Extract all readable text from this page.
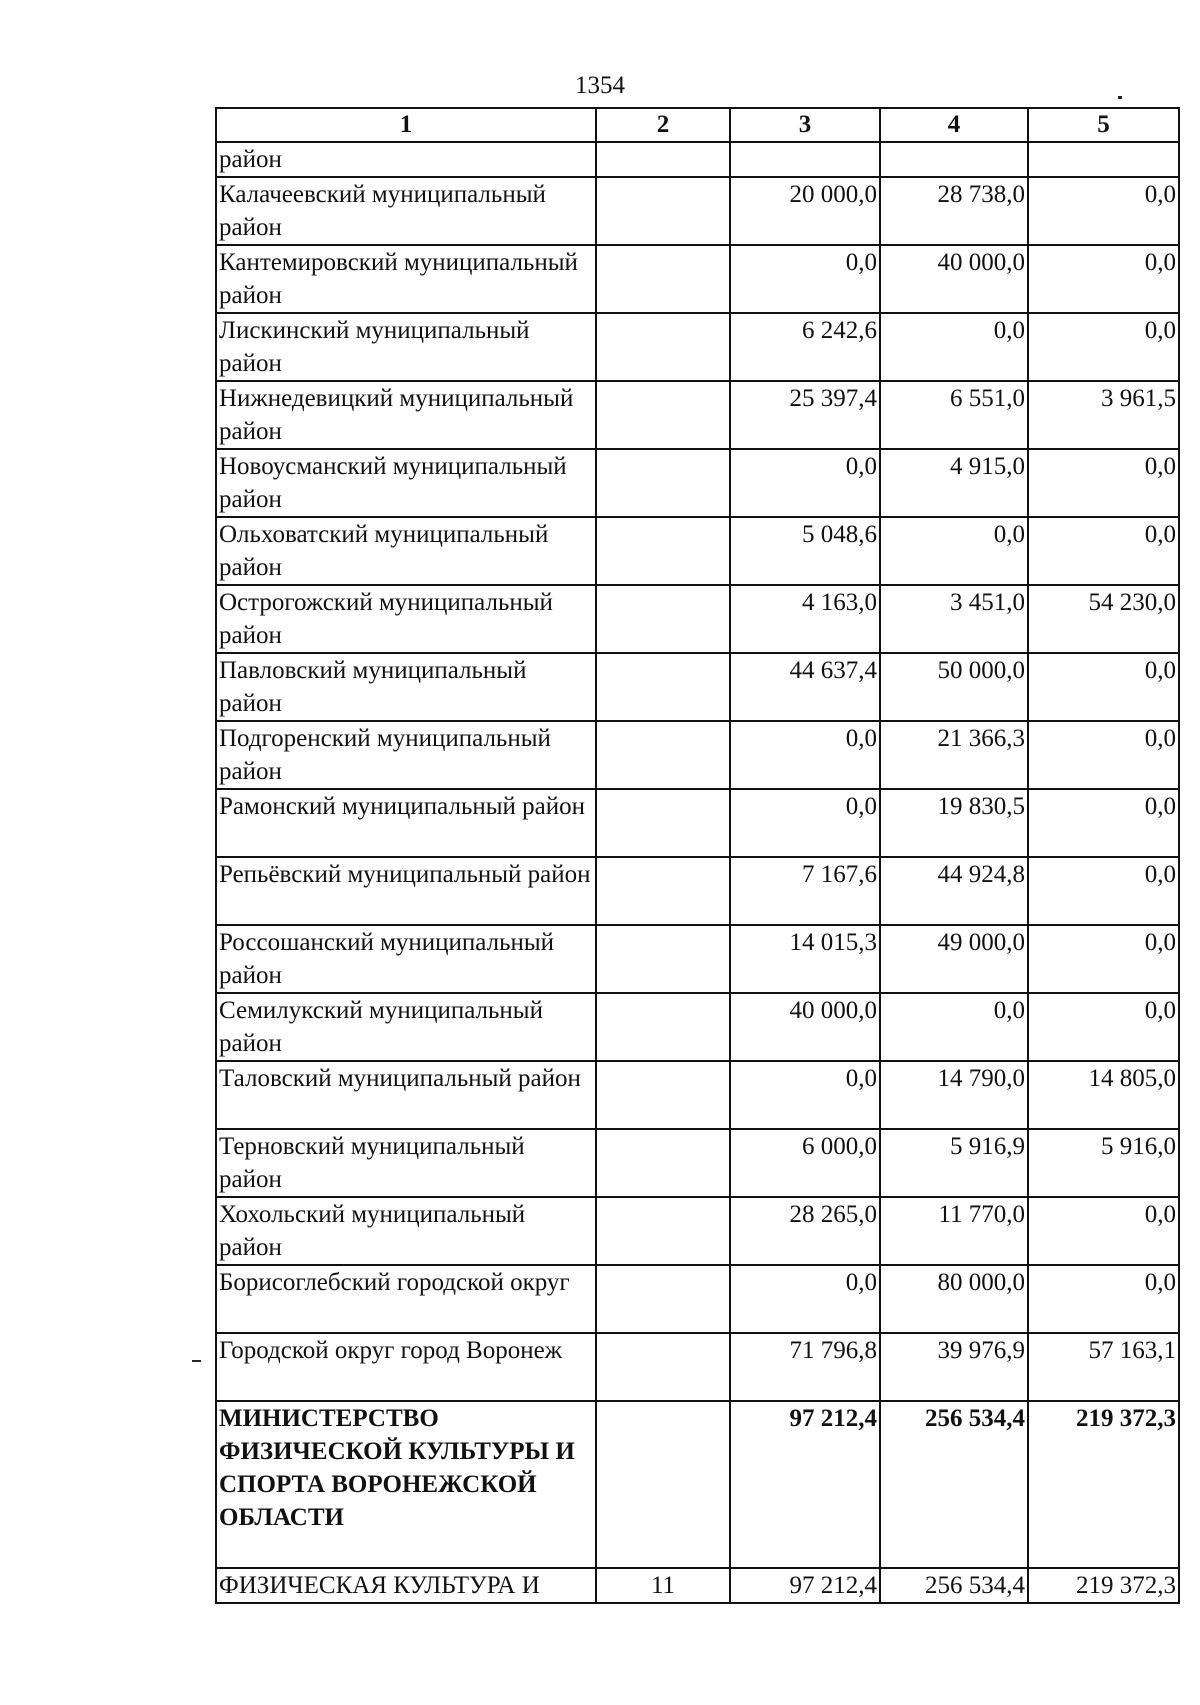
1354
1	2	3	4	5
район				
Калачеевский муниципальный район		20 000,0	28 738,0	0,0
Кантемировский муниципальный район		0,0	40 000,0	0,0
Лискинский муниципальный район		6 242,6	0,0	0,0
Нижнедевицкий муниципальный район		25 397,4	6 551,0	3 961,5
Новоусманский муниципальный район		0,0	4 915,0	0,0
Ольховатский муниципальный район		5 048,6	0,0	0,0
Острогожский муниципальный район		4 163,0	3 451,0	54 230,0
Павловский муниципальный район		44 637,4	50 000,0	0,0
Подгоренский муниципальный район		0,0	21 366,3	0,0
Рамонский муниципальный район		0,0	19 830,5	0,0
Репьёвский муниципальный район		7 167,6	44 924,8	0,0
Россошанский муниципальный район		14 015,3	49 000,0	0,0
Семилукский муниципальный район		40 000,0	0,0	0,0
Таловский муниципальный район		0,0	14 790,0	14 805,0
Терновский муниципальный район		6 000,0	5 916,9	5 916,0
Хохольский муниципальный район		28 265,0	11 770,0	0,0
Борисоглебский городской округ		0,0	80 000,0	0,0
Городской округ город Воронеж		71 796,8	39 976,9	57 163,1
МИНИСТЕРСТВО ФИЗИЧЕСКОЙ КУЛЬТУРЫ И СПОРТА ВОРОНЕЖСКОЙ ОБЛАСТИ		97 212,4	256 534,4	219 372,3
ФИЗИЧЕСКАЯ КУЛЬТУРА И	11	97 212,4	256 534,4	219 372,3
